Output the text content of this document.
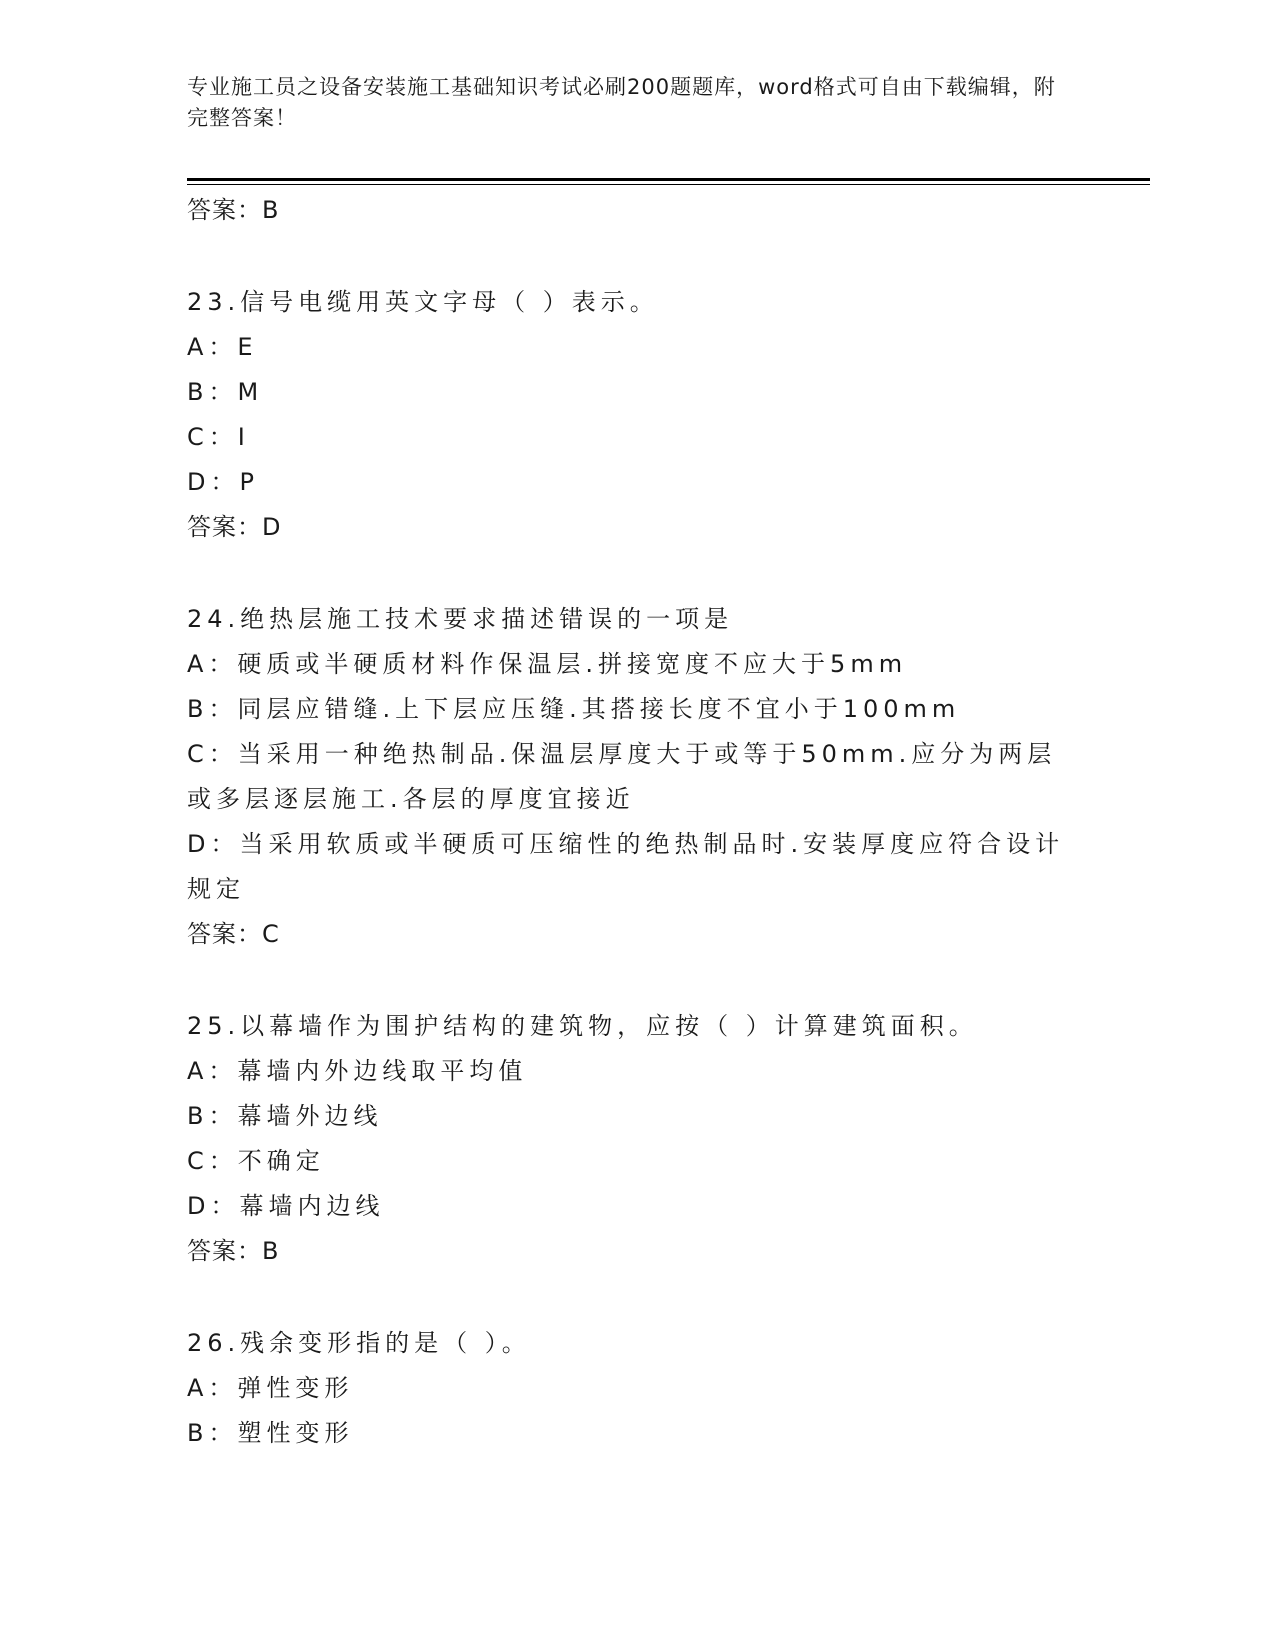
专业施工员之设备安装施工基础知识考试必刷200题题库，word格式可自由下载编辑，附完整答案！
答案：B
23.信号电缆用英文字母（ ）表示。
A：E
B：M
C：I
D：P
答案：D
24.绝热层施工技术要求描述错误的一项是
A：硬质或半硬质材料作保温层.拼接宽度不应大于5mm
B：同层应错缝.上下层应压缝.其搭接长度不宜小于100mm
C：当采用一种绝热制品.保温层厚度大于或等于50mm.应分为两层或多层逐层施工.各层的厚度宜接近
D：当采用软质或半硬质可压缩性的绝热制品时.安装厚度应符合设计规定
答案：C
25.以幕墙作为围护结构的建筑物，应按（ ）计算建筑面积。
A：幕墙内外边线取平均值
B：幕墙外边线
C：不确定
D：幕墙内边线
答案：B
26.残余变形指的是（ ）。
A：弹性变形
B：塑性变形
